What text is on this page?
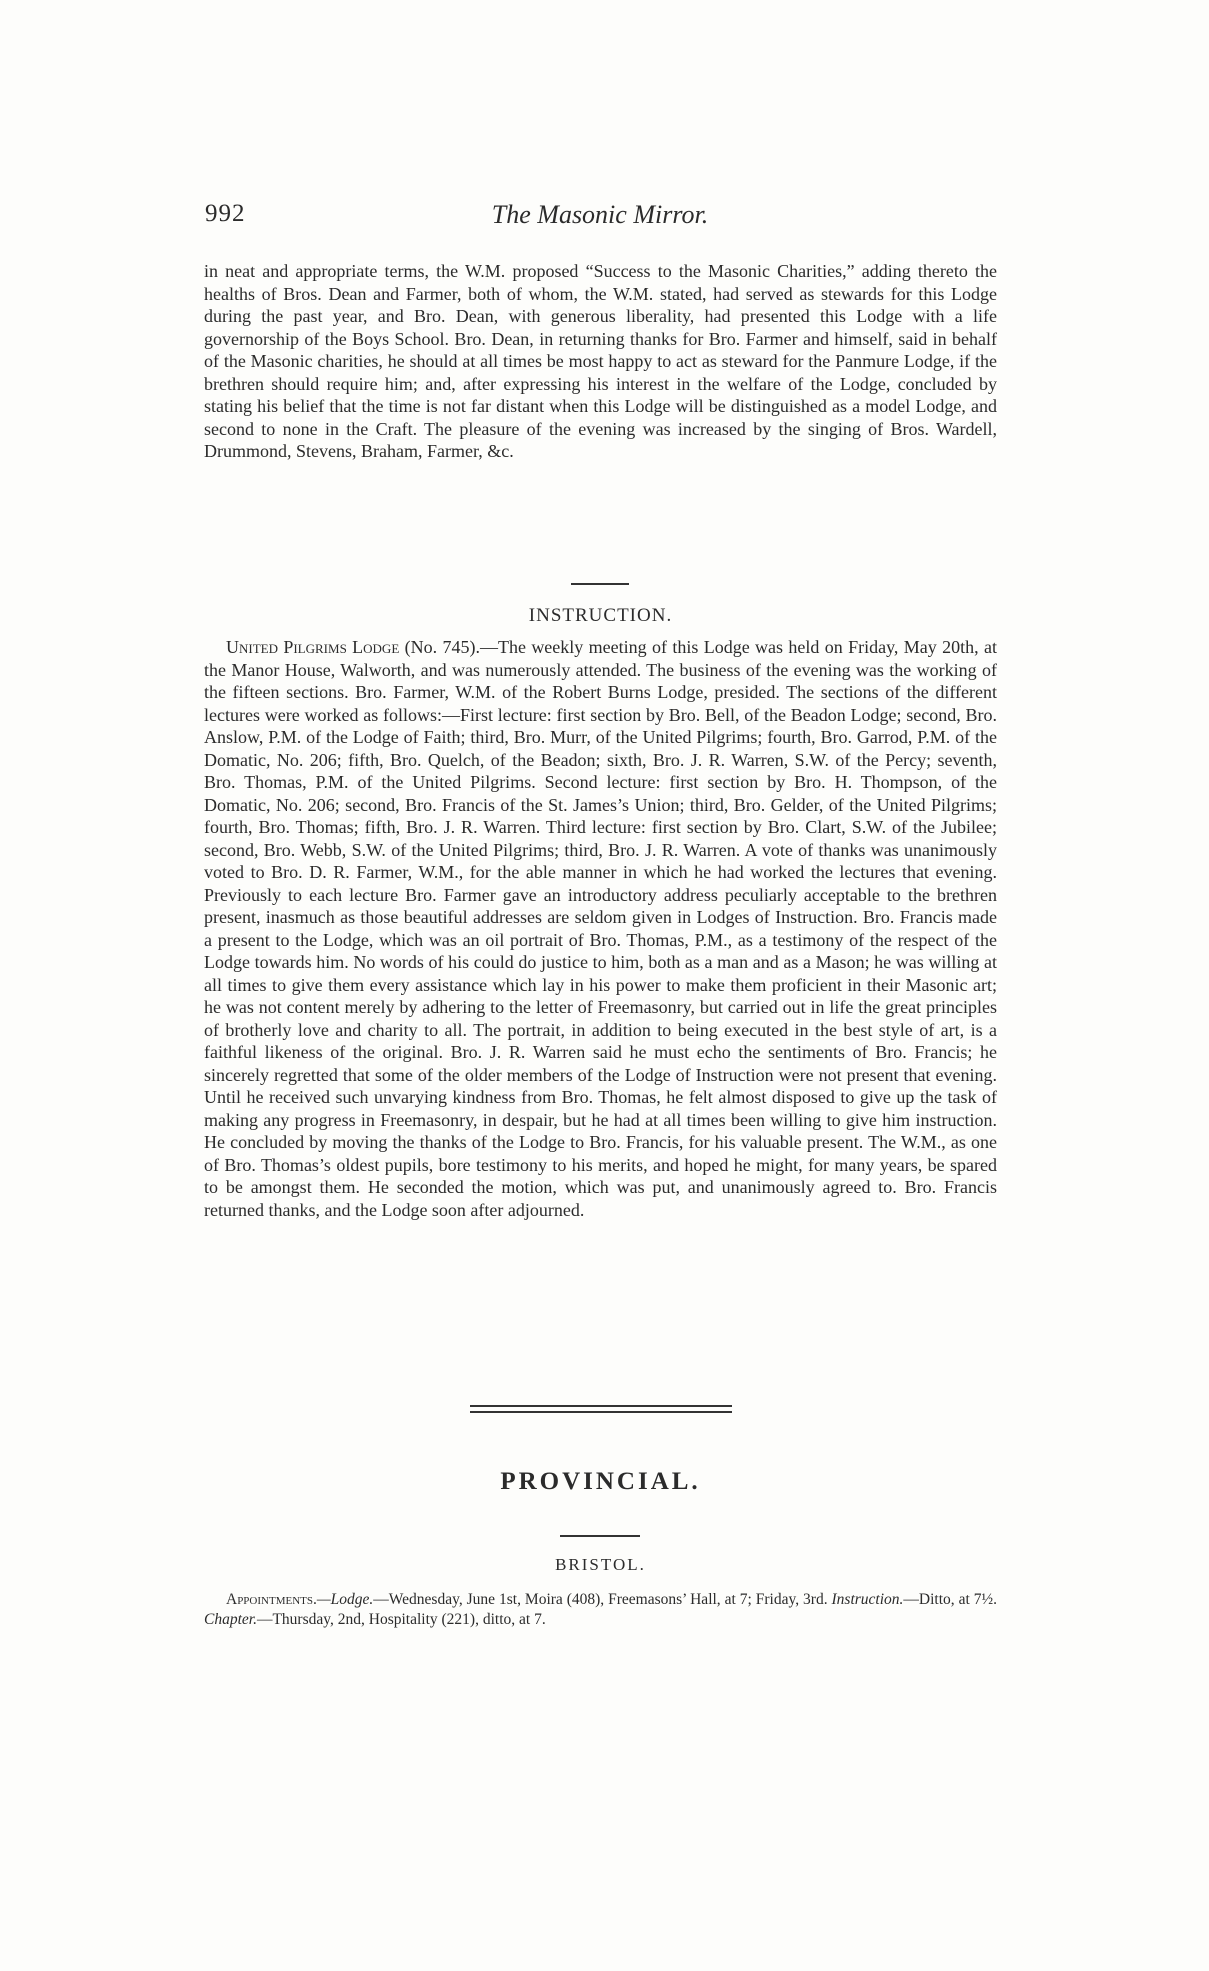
992	The Masonic Mirror.

in neat and appropriate terms, the W.M. proposed “Success to the Masonic Charities,” adding thereto the healths of Bros. Dean and Farmer, both of whom, the W.M. stated, had served as stewards for this Lodge during the past year, and Bro. Dean, with generous liberality, had presented this Lodge with a life governorship of the Boys School. Bro. Dean, in returning thanks for Bro. Farmer and himself, said in behalf of the Masonic charities, he should at all times be most happy to act as steward for the Panmure Lodge, if the brethren should require him; and, after expressing his interest in the welfare of the Lodge, concluded by stating his belief that the time is not far distant when this Lodge will be distinguished as a model Lodge, and second to none in the Craft. The pleasure of the evening was increased by the singing of Bros. Wardell, Drummond, Stevens, Braham, Farmer, &c.

INSTRUCTION.

United Pilgrims Lodge (No. 745).—The weekly meeting of this Lodge was held on Friday, May 20th, at the Manor House, Walworth, and was numerously attended. The business of the evening was the working of the fifteen sections. Bro. Farmer, W.M. of the Robert Burns Lodge, presided. The sections of the different lectures were worked as follows:—First lecture: first section by Bro. Bell, of the Beadon Lodge; second, Bro. Anslow, P.M. of the Lodge of Faith; third, Bro. Murr, of the United Pilgrims; fourth, Bro. Garrod, P.M. of the Domatic, No. 206; fifth, Bro. Quelch, of the Beadon; sixth, Bro. J. R. Warren, S.W. of the Percy; seventh, Bro. Thomas, P.M. of the United Pilgrims. Second lecture: first section by Bro. H. Thompson, of the Domatic, No. 206; second, Bro. Francis of the St. James’s Union; third, Bro. Gelder, of the United Pilgrims; fourth, Bro. Thomas; fifth, Bro. J. R. Warren. Third lecture: first section by Bro. Clart, S.W. of the Jubilee; second, Bro. Webb, S.W. of the United Pilgrims; third, Bro. J. R. Warren. A vote of thanks was unanimously voted to Bro. D. R. Farmer, W.M., for the able manner in which he had worked the lectures that evening. Previously to each lecture Bro. Farmer gave an introductory address peculiarly acceptable to the brethren present, inasmuch as those beautiful addresses are seldom given in Lodges of Instruction. Bro. Francis made a present to the Lodge, which was an oil portrait of Bro. Thomas, P.M., as a testimony of the respect of the Lodge towards him. No words of his could do justice to him, both as a man and as a Mason; he was willing at all times to give them every assistance which lay in his power to make them proficient in their Masonic art; he was not content merely by adhering to the letter of Freemasonry, but carried out in life the great principles of brotherly love and charity to all. The portrait, in addition to being executed in the best style of art, is a faithful likeness of the original. Bro. J. R. Warren said he must echo the sentiments of Bro. Francis; he sincerely regretted that some of the older members of the Lodge of Instruction were not present that evening. Until he received such unvarying kindness from Bro. Thomas, he felt almost disposed to give up the task of making any progress in Freemasonry, in despair, but he had at all times been willing to give him instruction. He concluded by moving the thanks of the Lodge to Bro. Francis, for his valuable present. The W.M., as one of Bro. Thomas’s oldest pupils, bore testimony to his merits, and hoped he might, for many years, be spared to be amongst them. He seconded the motion, which was put, and unanimously agreed to. Bro. Francis returned thanks, and the Lodge soon after adjourned.

PROVINCIAL.
BRISTOL.

Appointments.—Lodge.—Wednesday, June 1st, Moira (408), Freemasons’ Hall, at 7; Friday, 3rd. Instruction.—Ditto, at 7½. Chapter.—Thursday, 2nd, Hospitality (221), ditto, at 7.
